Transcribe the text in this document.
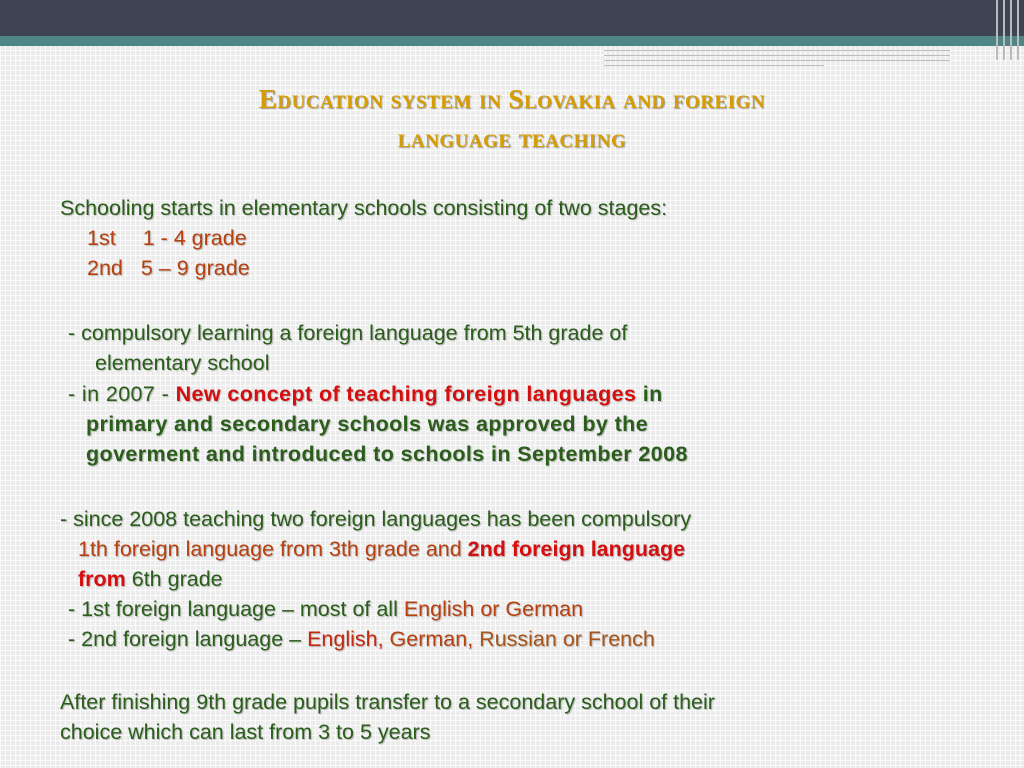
Education system in Slovakia and foreign
language teaching
Schooling starts in elementary schools consisting of two stages:
1st 1 - 4 grade
2nd 5 – 9 grade
- compulsory learning a foreign language from 5th grade of
elementary school
- in 2007 - New concept of teaching foreign languages in
primary and secondary schools was approved by the
goverment and introduced to schools in September 2008
- since 2008 teaching two foreign languages has been compulsory
1th foreign language from 3th grade and 2nd foreign language
from 6th grade
- 1st foreign language – most of all English or German
- 2nd foreign language – English, German, Russian or French
After finishing 9th grade pupils transfer to a secondary school of their
choice which can last from 3 to 5 years
